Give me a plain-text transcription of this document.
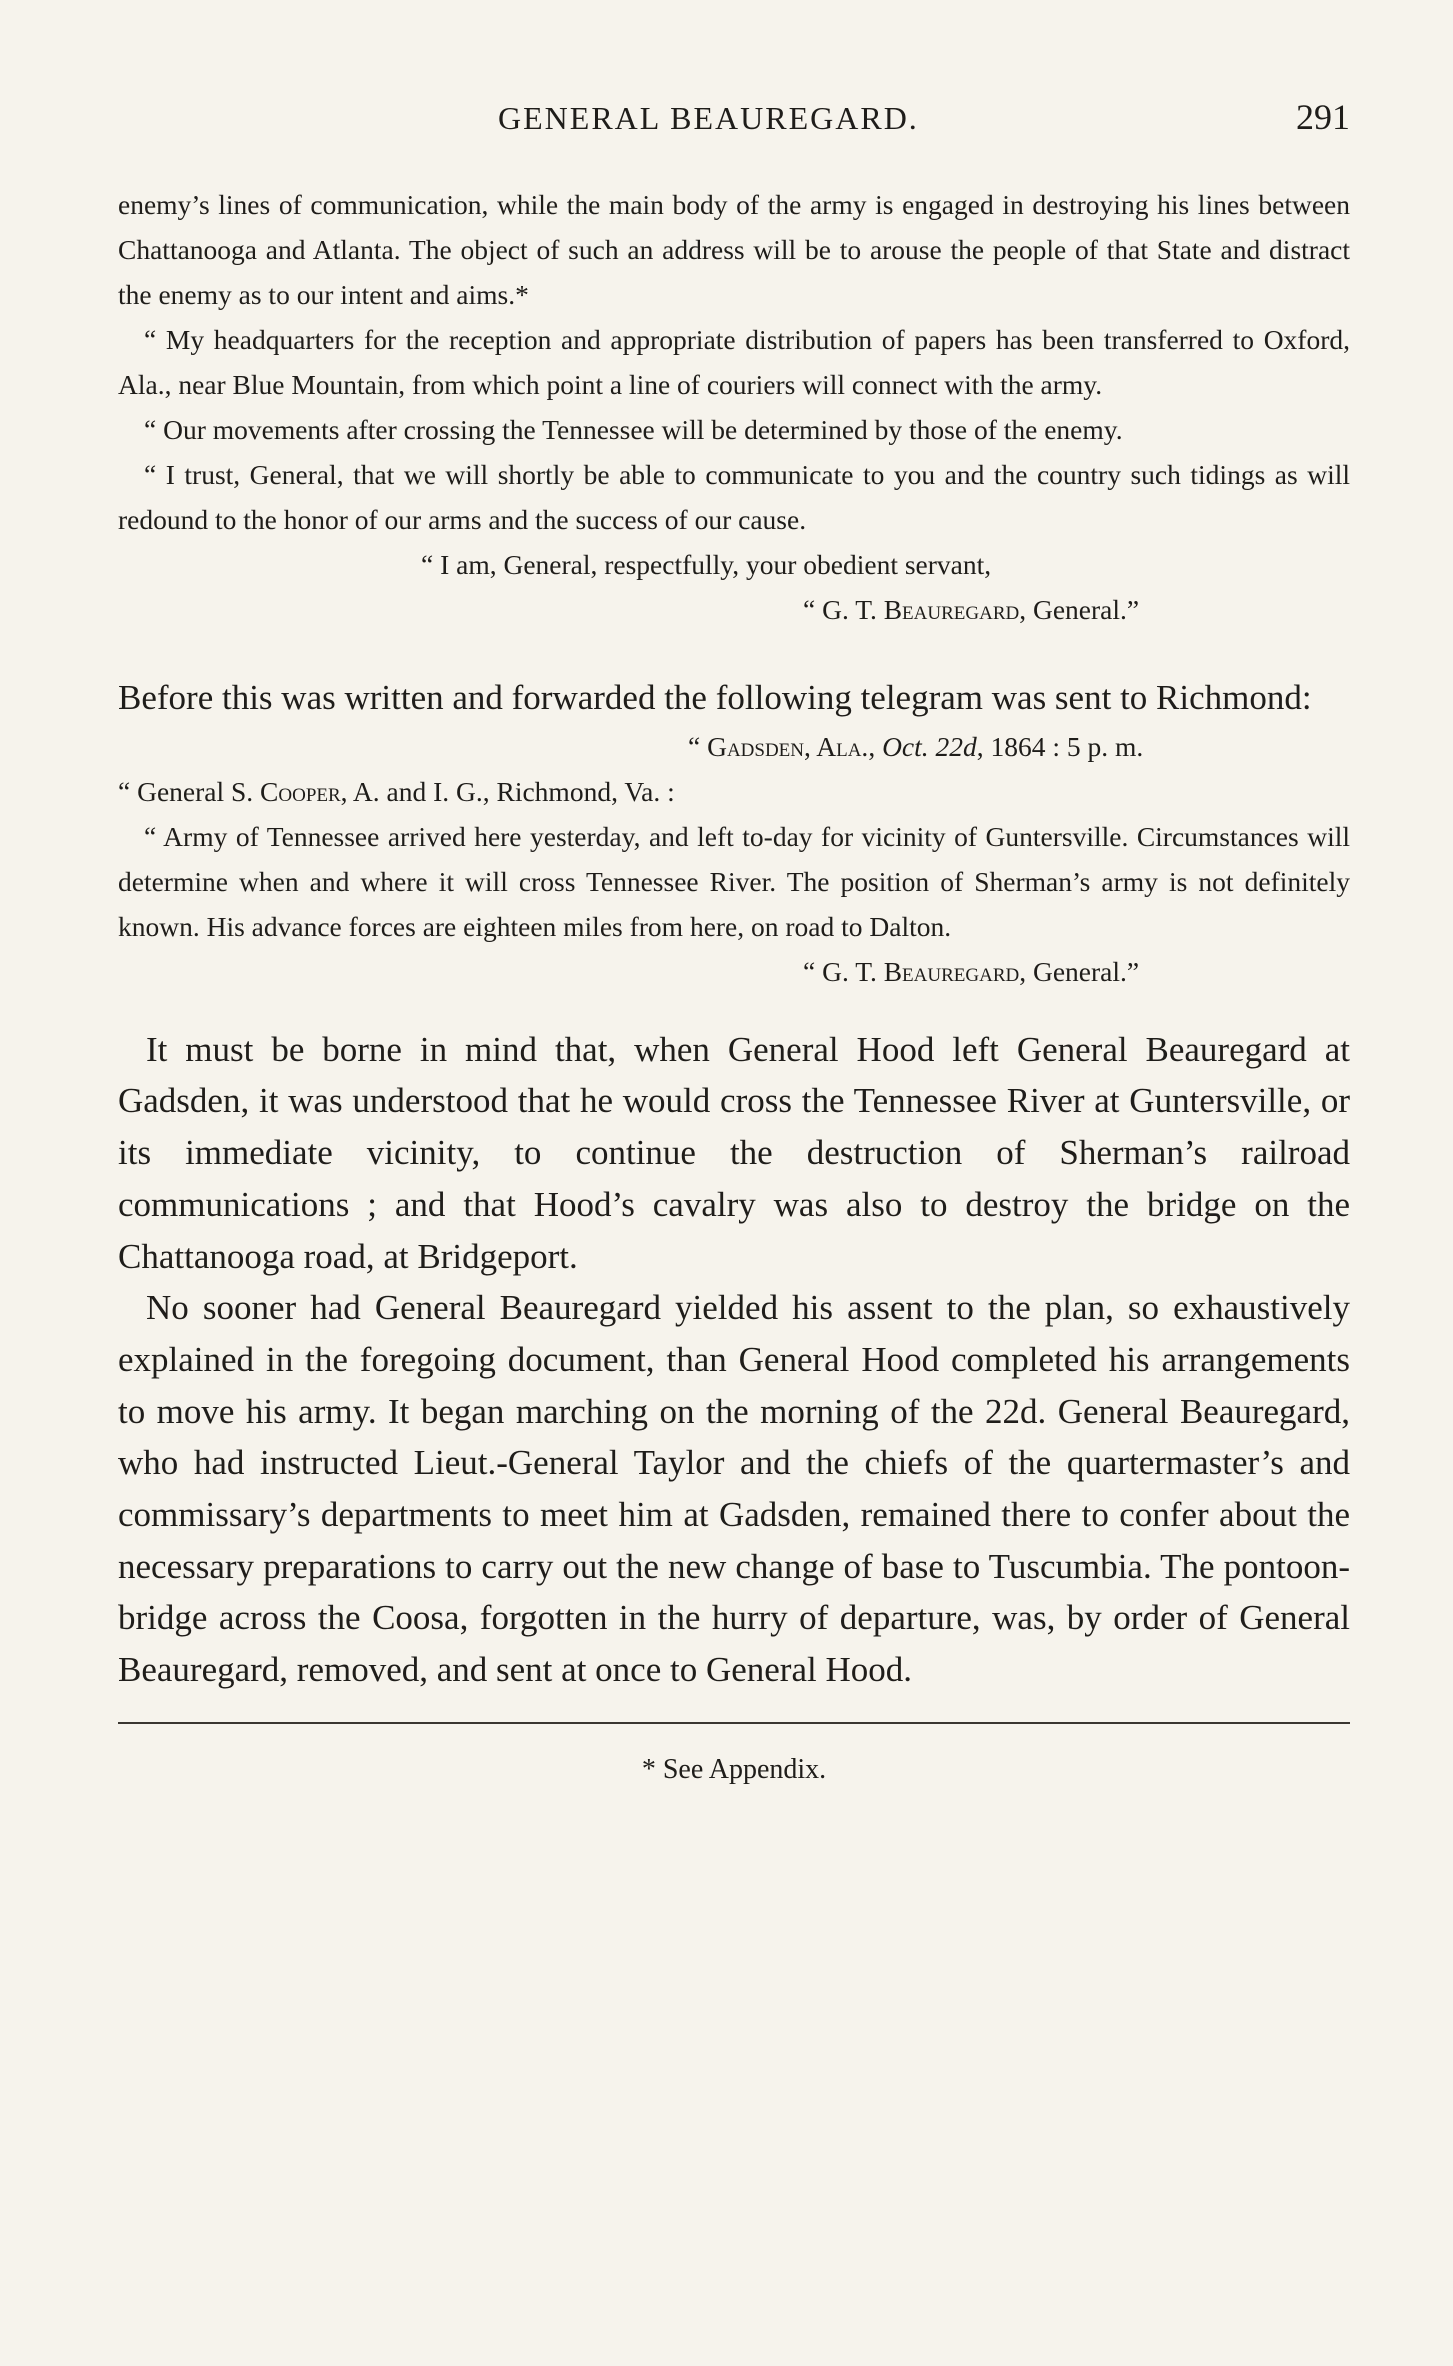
GENERAL BEAUREGARD.	291

enemy’s lines of communication, while the main body of the army is engaged in destroying his lines between Chattanooga and Atlanta. The object of such an address will be to arouse the people of that State and distract the enemy as to our intent and aims.*

“ My headquarters for the reception and appropriate distribution of papers has been transferred to Oxford, Ala., near Blue Mountain, from which point a line of couriers will connect with the army.

“ Our movements after crossing the Tennessee will be determined by those of the enemy.

“ I trust, General, that we will shortly be able to communicate to you and the country such tidings as will redound to the honor of our arms and the success of our cause.

“ I am, General, respectfully, your obedient servant,

“ G. T. Beauregard, General.”

Before this was written and forwarded the following telegram was sent to Richmond:

“ Gadsden, Ala., Oct. 22d, 1864 : 5 p. m.

“ General S. Cooper, A. and I. G., Richmond, Va. :

“ Army of Tennessee arrived here yesterday, and left to-day for vicinity of Guntersville. Circumstances will determine when and where it will cross Tennessee River. The position of Sherman’s army is not definitely known. His advance forces are eighteen miles from here, on road to Dalton.

“ G. T. Beauregard, General.”

It must be borne in mind that, when General Hood left General Beauregard at Gadsden, it was understood that he would cross the Tennessee River at Guntersville, or its immediate vicinity, to continue the destruction of Sherman’s railroad communications ; and that Hood’s cavalry was also to destroy the bridge on the Chattanooga road, at Bridgeport.

No sooner had General Beauregard yielded his assent to the plan, so exhaustively explained in the foregoing document, than General Hood completed his arrangements to move his army. It began marching on the morning of the 22d. General Beauregard, who had instructed Lieut.-General Taylor and the chiefs of the quartermaster’s and commissary’s departments to meet him at Gadsden, remained there to confer about the necessary preparations to carry out the new change of base to Tuscumbia. The pontoon-bridge across the Coosa, forgotten in the hurry of departure, was, by order of General Beauregard, removed, and sent at once to General Hood.

* See Appendix.
